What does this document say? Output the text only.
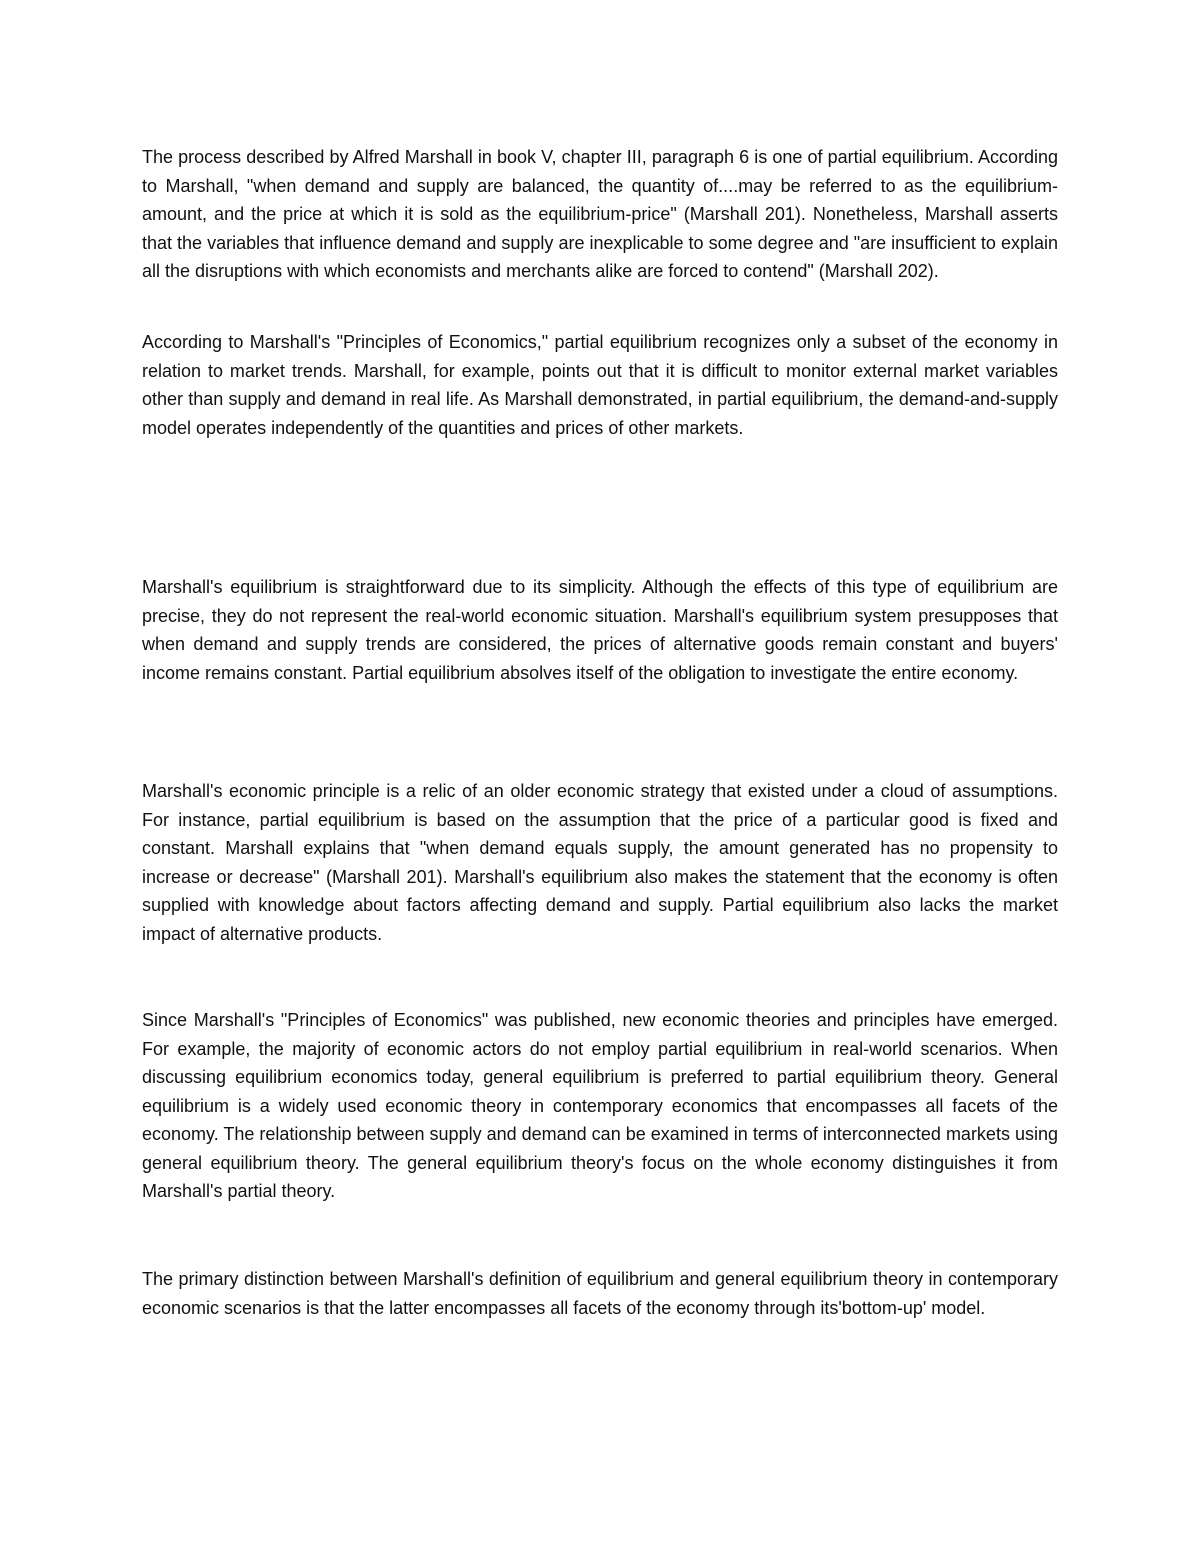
The process described by Alfred Marshall in book V, chapter III, paragraph 6 is one of partial equilibrium. According to Marshall, "when demand and supply are balanced, the quantity of....may be referred to as the equilibrium-amount, and the price at which it is sold as the equilibrium-price" (Marshall 201). Nonetheless, Marshall asserts that the variables that influence demand and supply are inexplicable to some degree and "are insufficient to explain all the disruptions with which economists and merchants alike are forced to contend" (Marshall 202).

According to Marshall's "Principles of Economics," partial equilibrium recognizes only a subset of the economy in relation to market trends. Marshall, for example, points out that it is difficult to monitor external market variables other than supply and demand in real life. As Marshall demonstrated, in partial equilibrium, the demand-and-supply model operates independently of the quantities and prices of other markets.

Marshall's equilibrium is straightforward due to its simplicity. Although the effects of this type of equilibrium are precise, they do not represent the real-world economic situation. Marshall's equilibrium system presupposes that when demand and supply trends are considered, the prices of alternative goods remain constant and buyers' income remains constant. Partial equilibrium absolves itself of the obligation to investigate the entire economy.

Marshall's economic principle is a relic of an older economic strategy that existed under a cloud of assumptions. For instance, partial equilibrium is based on the assumption that the price of a particular good is fixed and constant. Marshall explains that "when demand equals supply, the amount generated has no propensity to increase or decrease" (Marshall 201). Marshall's equilibrium also makes the statement that the economy is often supplied with knowledge about factors affecting demand and supply. Partial equilibrium also lacks the market impact of alternative products.

Since Marshall's "Principles of Economics" was published, new economic theories and principles have emerged. For example, the majority of economic actors do not employ partial equilibrium in real-world scenarios. When discussing equilibrium economics today, general equilibrium is preferred to partial equilibrium theory. General equilibrium is a widely used economic theory in contemporary economics that encompasses all facets of the economy. The relationship between supply and demand can be examined in terms of interconnected markets using general equilibrium theory. The general equilibrium theory's focus on the whole economy distinguishes it from Marshall's partial theory.

The primary distinction between Marshall's definition of equilibrium and general equilibrium theory in contemporary economic scenarios is that the latter encompasses all facets of the economy through its'bottom-up' model.
